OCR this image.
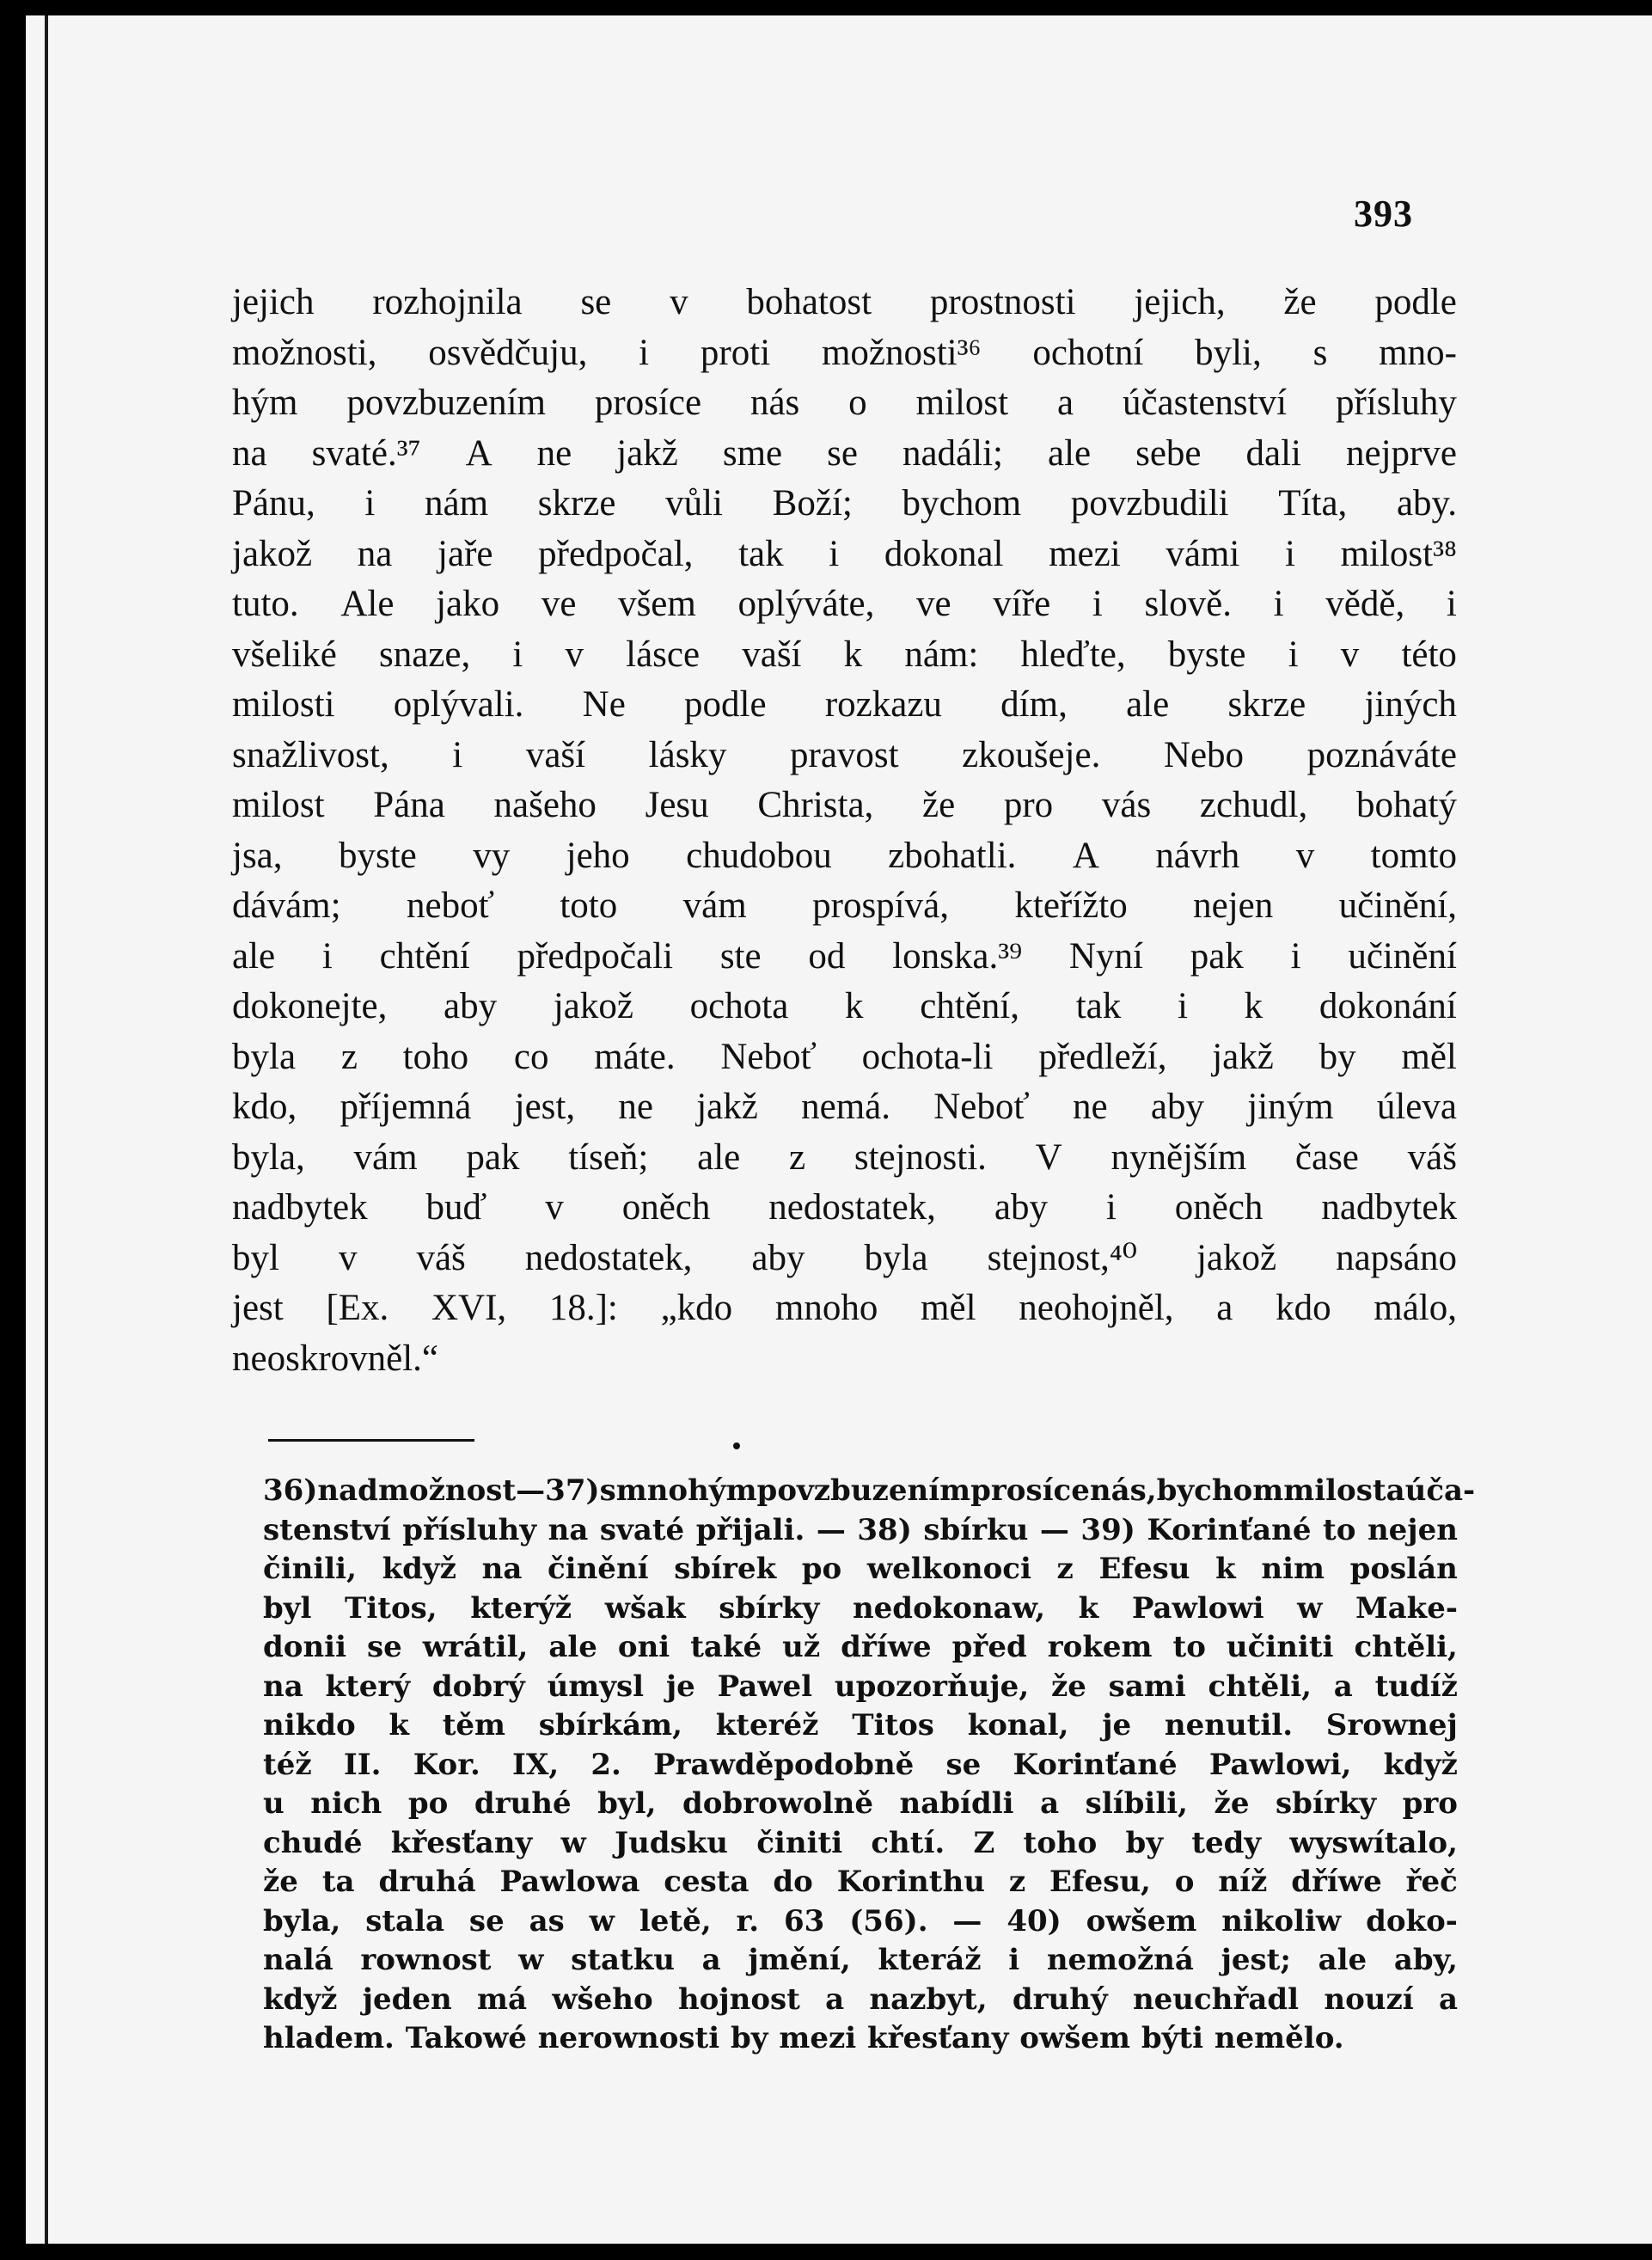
393
jejich rozhojnila se v bohatost prostnosti jejich, že podle
možnosti, osvědčuju, i proti možnosti³⁶ ochotní byli, s mno-
hým povzbuzením prosíce nás o milost a účastenství přísluhy
na svaté.³⁷ A ne jakž sme se nadáli; ale sebe dali nejprve
Pánu, i nám skrze vůli Boží; bychom povzbudili Títa, aby.
jakož na jaře předpočal, tak i dokonal mezi vámi i milost³⁸
tuto. Ale jako ve všem oplýváte, ve víře i slově. i vědě, i
všeliké snaze, i v lásce vaší k nám: hleďte, byste i v této
milosti oplývali. Ne podle rozkazu dím, ale skrze jiných
snažlivost, i vaší lásky pravost zkoušeje. Nebo poznáváte
milost Pána našeho Jesu Christa, že pro vás zchudl, bohatý
jsa, byste vy jeho chudobou zbohatli. A návrh v tomto
dávám; neboť toto vám prospívá, kteřížto nejen učinění,
ale i chtění předpočali ste od lonska.³⁹ Nyní pak i učinění
dokonejte, aby jakož ochota k chtění, tak i k dokonání
byla z toho co máte. Neboť ochota-li předleží, jakž by měl
kdo, příjemná jest, ne jakž nemá. Neboť ne aby jiným úleva
byla, vám pak tíseň; ale z stejnosti. V nynějším čase váš
nadbytek buď v oněch nedostatek, aby i oněch nadbytek
byl v váš nedostatek, aby byla stejnost,⁴⁰ jakož napsáno
jest [Ex. XVI, 18.]: „kdo mnoho měl neohojněl, a kdo málo,
neoskrovněl.“
36) nad možnost — 37) s mnohým povzbuzením prosíce nás, bychom milost a úča-
stenství přísluhy na svaté přijali. — 38) sbírku — 39) Korinťané to nejen
činili, když na činění sbírek po welkonoci z Efesu k nim poslán
byl Titos, kterýž wšak sbírky nedokonaw, k Pawlowi w Make-
donii se wrátil, ale oni také už dříwe před rokem to učiniti chtěli,
na který dobrý úmysl je Pawel upozorňuje, že sami chtěli, a tudíž
nikdo k těm sbírkám, kteréž Titos konal, je nenutil. Srownej
též II. Kor. IX, 2. Prawděpodobně se Korinťané Pawlowi, když
u nich po druhé byl, dobrowolně nabídli a slíbili, že sbírky pro
chudé křesťany w Judsku činiti chtí. Z toho by tedy wyswítalo,
že ta druhá Pawlowa cesta do Korinthu z Efesu, o níž dříwe řeč
byla, stala se as w letě, r. 63 (56). — 40) owšem nikoliw doko-
nalá rownost w statku a jmění, kteráž i nemožná jest; ale aby,
když jeden má wšeho hojnost a nazbyt, druhý neuchřadl nouzí a
hladem. Takowé nerownosti by mezi křesťany owšem býti nemělo.
